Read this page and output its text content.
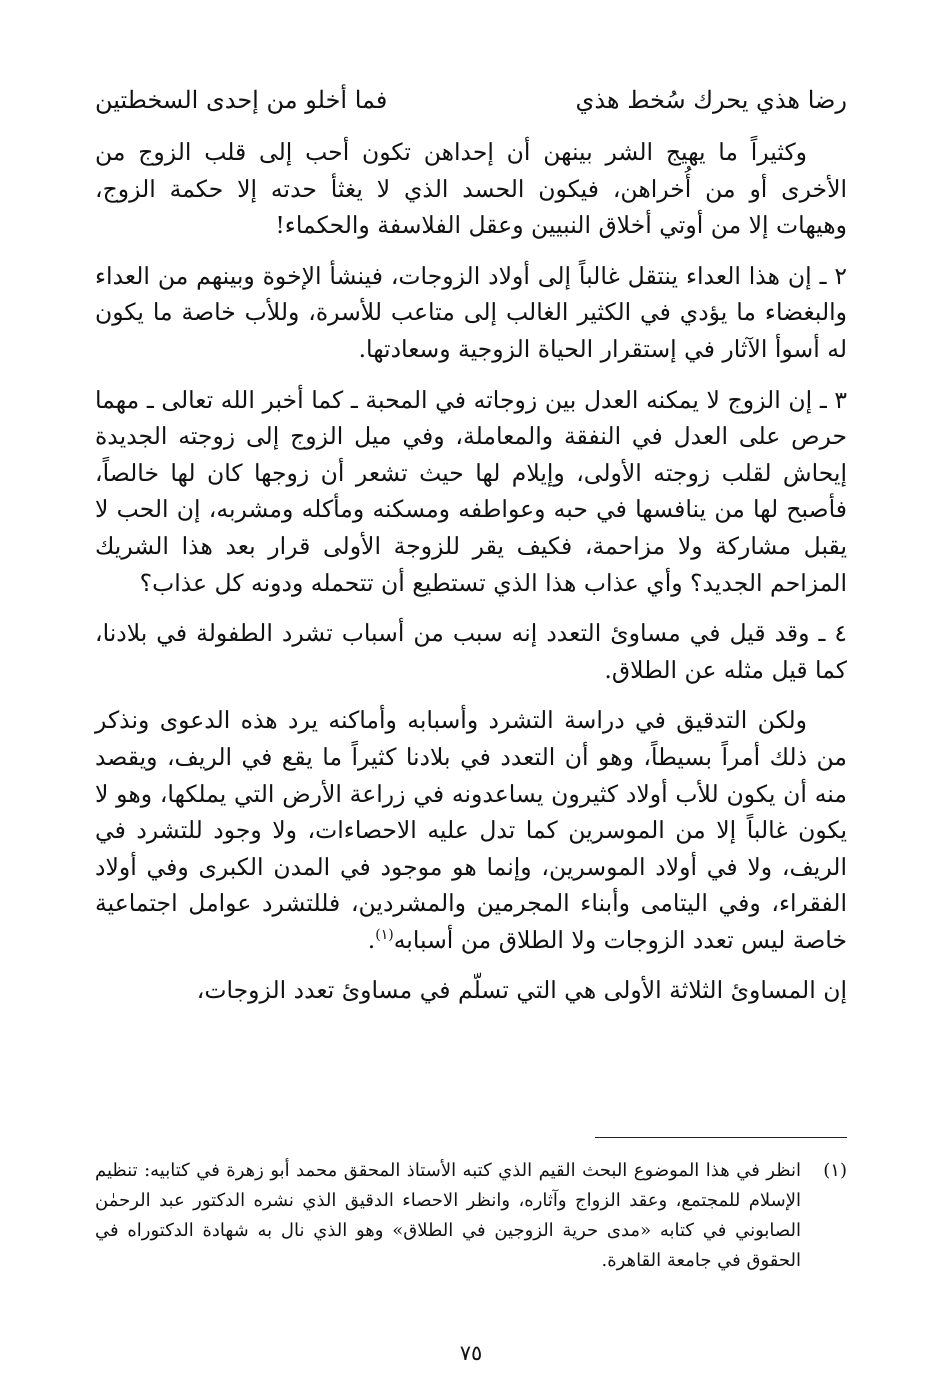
رضا هذي يحرك سُخط هذي
فما أخلو من إحدى السخطتين

وكثيراً ما يهيج الشر بينهن أن إحداهن تكون أحب إلى قلب الزوج من الأخرى أو من أُخراهن، فيكون الحسد الذي لا يغثأ حدته إلا حكمة الزوج، وهيهات إلا من أوتي أخلاق النبيين وعقل الفلاسفة والحكماء!

٢ ـ إن هذا العداء ينتقل غالباً إلى أولاد الزوجات، فينشأ الإخوة وبينهم من العداء والبغضاء ما يؤدي في الكثير الغالب إلى متاعب للأسرة، وللأب خاصة ما يكون له أسوأ الآثار في إستقرار الحياة الزوجية وسعادتها.

٣ ـ إن الزوج لا يمكنه العدل بين زوجاته في المحبة ـ كما أخبر الله تعالى ـ مهما حرص على العدل في النفقة والمعاملة، وفي ميل الزوج إلى زوجته الجديدة إيحاش لقلب زوجته الأولى، وإيلام لها حيث تشعر أن زوجها كان لها خالصاً، فأصبح لها من ينافسها في حبه وعواطفه ومسكنه ومأكله ومشربه، إن الحب لا يقبل مشاركة ولا مزاحمة، فكيف يقر للزوجة الأولى قرار بعد هذا الشريك المزاحم الجديد؟ وأي عذاب هذا الذي تستطيع أن تتحمله ودونه كل عذاب؟

٤ ـ وقد قيل في مساوئ التعدد إنه سبب من أسباب تشرد الطفولة في بلادنا، كما قيل مثله عن الطلاق.

ولكن التدقيق في دراسة التشرد وأسبابه وأماكنه يرد هذه الدعوى ونذكر من ذلك أمراً بسيطاً، وهو أن التعدد في بلادنا كثيراً ما يقع في الريف، ويقصد منه أن يكون للأب أولاد كثيرون يساعدونه في زراعة الأرض التي يملكها، وهو لا يكون غالباً إلا من الموسرين كما تدل عليه الاحصاءات، ولا وجود للتشرد في الريف، ولا في أولاد الموسرين، وإنما هو موجود في المدن الكبرى وفي أولاد الفقراء، وفي اليتامى وأبناء المجرمين والمشردين، فللتشرد عوامل اجتماعية خاصة ليس تعدد الزوجات ولا الطلاق من أسبابه$^{(١)}$.

إن المساوئ الثلاثة الأولى هي التي تسلّم في مساوئ تعدد الزوجات،

(١)
انظر في هذا الموضوع البحث القيم الذي كتبه الأستاذ المحقق محمد أبو زهرة في كتابيه: تنظيم الإسلام للمجتمع، وعقد الزواج وآثاره، وانظر الاحصاء الدقيق الذي نشره الدكتور عبد الرحمٰن الصابوني في كتابه «مدى حرية الزوجين في الطلاق» وهو الذي نال به شهادة الدكتوراه في الحقوق في جامعة القاهرة.
٧٥
